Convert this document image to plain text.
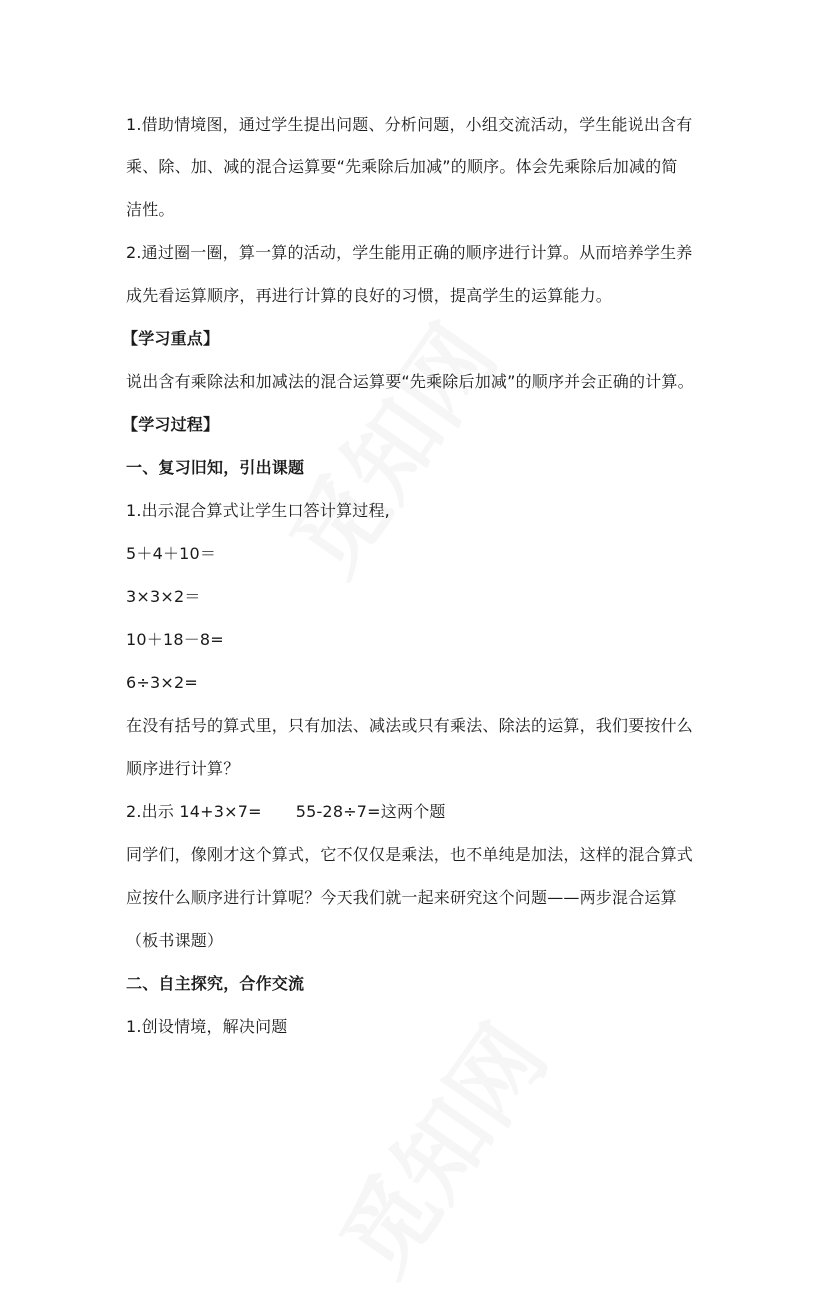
1.借助情境图，通过学生提出问题、分析问题，小组交流活动，学生能说出含有
乘、除、加、减的混合运算要“先乘除后加减”的顺序。体会先乘除后加减的简
洁性。
2.通过圈一圈，算一算的活动，学生能用正确的顺序进行计算。从而培养学生养
成先看运算顺序，再进行计算的良好的习惯，提高学生的运算能力。
【学习重点】
说出含有乘除法和加减法的混合运算要“先乘除后加减”的顺序并会正确的计算。
【学习过程】
一、复习旧知，引出课题
1.出示混合算式让学生口答计算过程,
5＋4＋10＝
3×3×2＝
10＋18－8=
6÷3×2=
在没有括号的算式里，只有加法、减法或只有乘法、除法的运算，我们要按什么
顺序进行计算？
2.出示 14+3×7= 55-28÷7=这两个题
同学们，像刚才这个算式，它不仅仅是乘法，也不单纯是加法，这样的混合算式
应按什么顺序进行计算呢？今天我们就一起来研究这个问题——两步混合运算
（板书课题）
二、自主探究，合作交流
1.创设情境，解决问题
